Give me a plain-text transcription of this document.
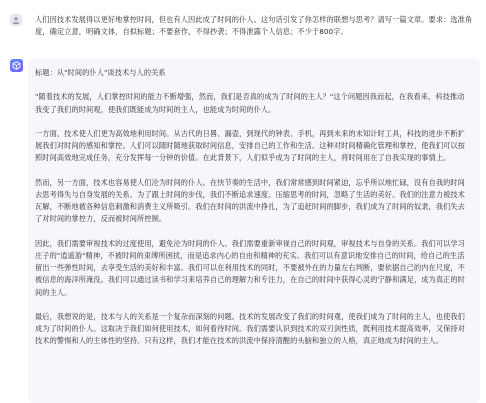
人们因技术发展得以更好地掌控时间，但也有人因此成了时间的仆人。这句话引发了你怎样的联想与思考？请写一篇文章。要求：选准角度，确定立意，明确文体，自拟标题；不要套作，不得抄袭；不得泄露个人信息；不少于800字。

标题：从"时间的仆人"谈技术与人的关系

"随着技术的发展，人们掌控时间的能力不断增强，然而，我们是否真的成为了时间的主人？"这个问题因我而起，在我看来，科技推动我变了我们的时间观，使我们既能成为时间的主人，也能成为时间的仆人。

一方面，技术使人们更为高效地利用时间。从古代的日晷、漏壶，到现代的钟表、手机，再到未来的未知计时工具，科技的进步不断扩展我们对时间的感知和掌控。人们可以随时随地获取时间信息，安排自己的工作和生活。这种对时间精确化管理和掌控，使我们可以按照时间高效地完成任务，充分发挥每一分钟的价值。在此背景下，人们似乎成为了时间的主人，将时间用在了自我实现的事情上。

然而，另一方面，技术也容易使人们沦为时间的仆人。在快节奏的生活中，我们常常感到时间紧迫，忘乎所以地忙碌，没有自我的时间去思考得失与自身发展的关系。为了跟上时间的步伐，我们不断追求速度、压缩思考的时间，忽略了生活的美好。我们的注意力被技术瓦解，不断地被各种信息刺激和消费主义所吸引。我们在时间的洪流中挣扎，为了追赶时间的脚步，我们成为了时间的奴隶，我们失去了对时间的掌控力，反而被时间所控制。

因此，我们需要审视技术的过度使用，避免沦为时间的仆人。我们需要重新审视自己的时间观，审视技术与自身的关系。我们可以学习庄子的"逍遥游"精神，不被时间的束缚所困扰，而是追求内心的自由和精神的充实。我们可以有意识地安排自己的时间，给自己的生活留出一些弹性时间，去享受生活的美好和丰富。我们可以在利用技术的同时，不要被外在的力量左右判断，要依据自己的内在尺度，不被信息的海洋所淹没。我们可以通过读书和学习来培养自己的理解力和专注力，在自己的时间中获得心灵的宁静和满足，成为真正的时间的主人。

最后，我想说的是，技术与人的关系是一个复杂而深刻的问题。技术的发展改变了我们的时间观，使我们成为了时间的主人，也使我们成为了时间的仆人。这取决于我们如何使用技术，如何看待时间。我们需要认识到技术的双刃剑性质，既利用技术提高效率，又保持对技术的警惕和人的主体性的坚持。只有这样，我们才能在技术的洪流中保持清醒的头脑和独立的人格，真正地成为时间的主人。
